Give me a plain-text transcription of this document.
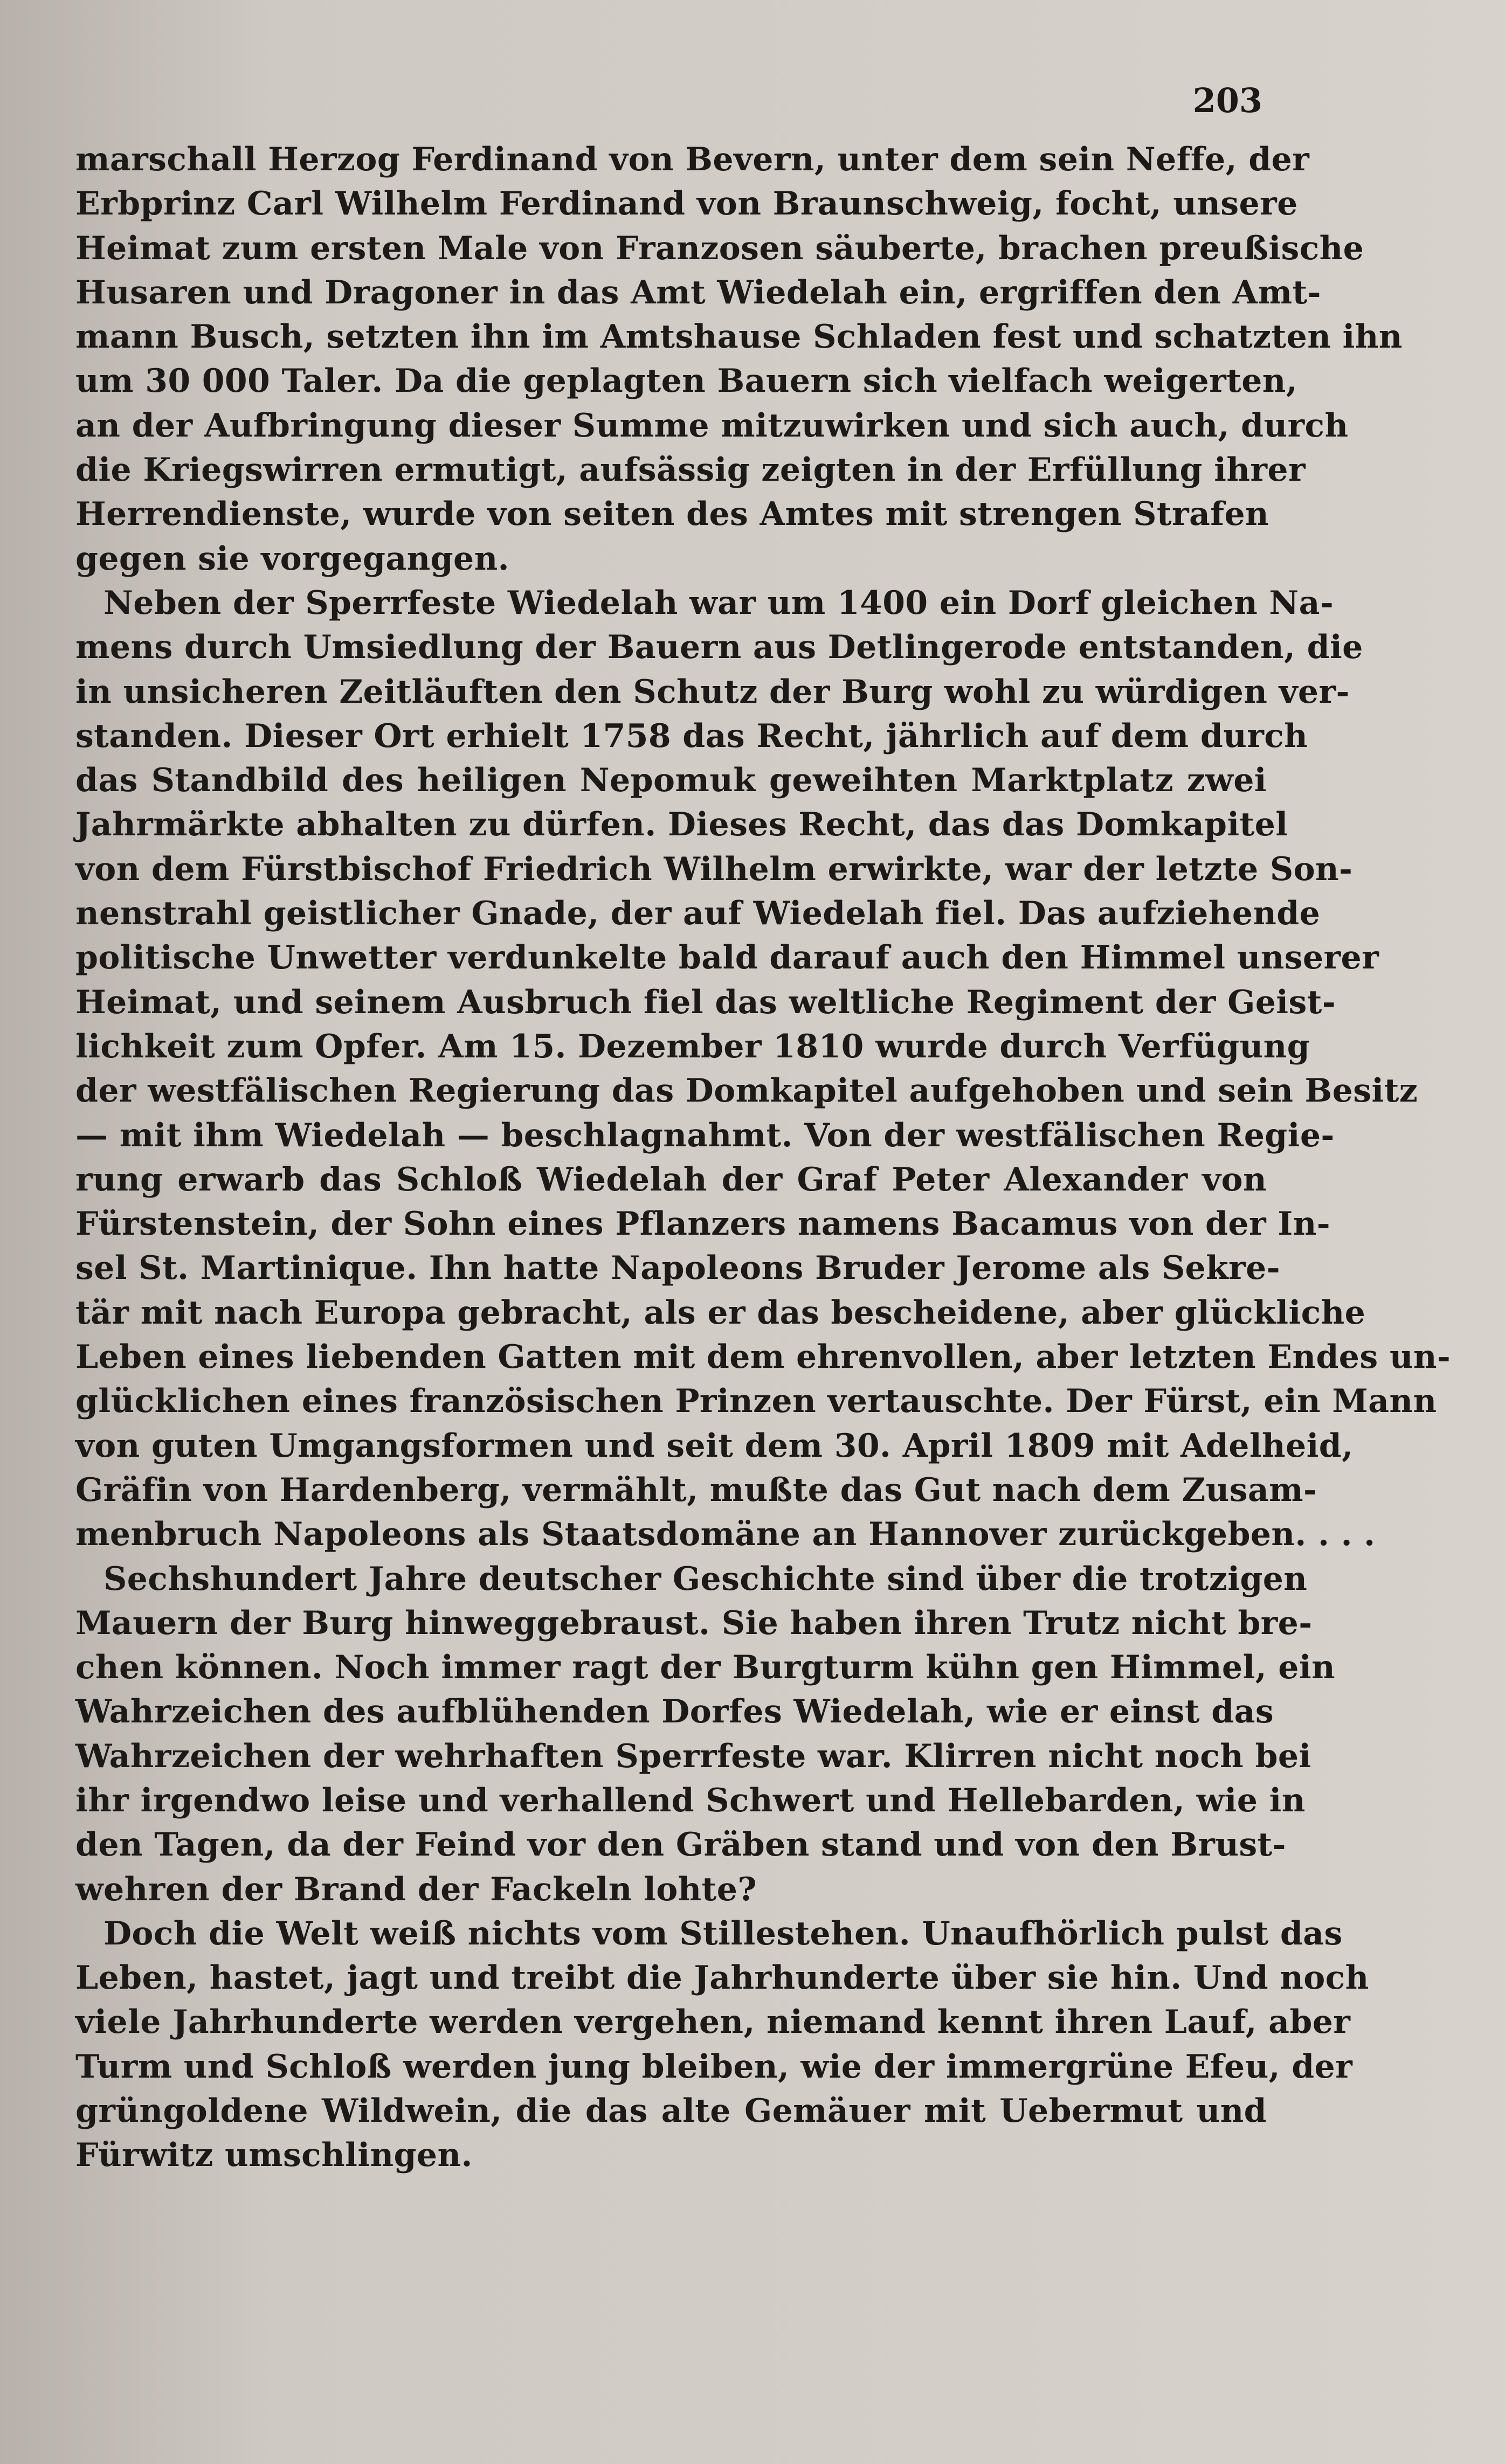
203
marschall Herzog Ferdinand von Bevern, unter dem sein Neffe, der
Erbprinz Carl Wilhelm Ferdinand von Braunschweig, focht, unsere
Heimat zum ersten Male von Franzosen säuberte, brachen preußische
Husaren und Dragoner in das Amt Wiedelah ein, ergriffen den Amt-
mann Busch, setzten ihn im Amtshause Schladen fest und schatzten ihn
um 30 000 Taler. Da die geplagten Bauern sich vielfach weigerten,
an der Aufbringung dieser Summe mitzuwirken und sich auch, durch
die Kriegswirren ermutigt, aufsässig zeigten in der Erfüllung ihrer
Herrendienste, wurde von seiten des Amtes mit strengen Strafen
gegen sie vorgegangen.
Neben der Sperrfeste Wiedelah war um 1400 ein Dorf gleichen Na-
mens durch Umsiedlung der Bauern aus Detlingerode entstanden, die
in unsicheren Zeitläuften den Schutz der Burg wohl zu würdigen ver-
standen. Dieser Ort erhielt 1758 das Recht, jährlich auf dem durch
das Standbild des heiligen Nepomuk geweihten Marktplatz zwei
Jahrmärkte abhalten zu dürfen. Dieses Recht, das das Domkapitel
von dem Fürstbischof Friedrich Wilhelm erwirkte, war der letzte Son-
nenstrahl geistlicher Gnade, der auf Wiedelah fiel. Das aufziehende
politische Unwetter verdunkelte bald darauf auch den Himmel unserer
Heimat, und seinem Ausbruch fiel das weltliche Regiment der Geist-
lichkeit zum Opfer. Am 15. Dezember 1810 wurde durch Verfügung
der westfälischen Regierung das Domkapitel aufgehoben und sein Besitz
— mit ihm Wiedelah — beschlagnahmt. Von der westfälischen Regie-
rung erwarb das Schloß Wiedelah der Graf Peter Alexander von
Fürstenstein, der Sohn eines Pflanzers namens Bacamus von der In-
sel St. Martinique. Ihn hatte Napoleons Bruder Jerome als Sekre-
tär mit nach Europa gebracht, als er das bescheidene, aber glückliche
Leben eines liebenden Gatten mit dem ehrenvollen, aber letzten Endes un-
glücklichen eines französischen Prinzen vertauschte. Der Fürst, ein Mann
von guten Umgangsformen und seit dem 30. April 1809 mit Adelheid,
Gräfin von Hardenberg, vermählt, mußte das Gut nach dem Zusam-
menbruch Napoleons als Staatsdomäne an Hannover zurückgeben. . . .
Sechshundert Jahre deutscher Geschichte sind über die trotzigen
Mauern der Burg hinweggebraust. Sie haben ihren Trutz nicht bre-
chen können. Noch immer ragt der Burgturm kühn gen Himmel, ein
Wahrzeichen des aufblühenden Dorfes Wiedelah, wie er einst das
Wahrzeichen der wehrhaften Sperrfeste war. Klirren nicht noch bei
ihr irgendwo leise und verhallend Schwert und Hellebarden, wie in
den Tagen, da der Feind vor den Gräben stand und von den Brust-
wehren der Brand der Fackeln lohte?
Doch die Welt weiß nichts vom Stillestehen. Unaufhörlich pulst das
Leben, hastet, jagt und treibt die Jahrhunderte über sie hin. Und noch
viele Jahrhunderte werden vergehen, niemand kennt ihren Lauf, aber
Turm und Schloß werden jung bleiben, wie der immergrüne Efeu, der
grüngoldene Wildwein, die das alte Gemäuer mit Uebermut und
Fürwitz umschlingen.
